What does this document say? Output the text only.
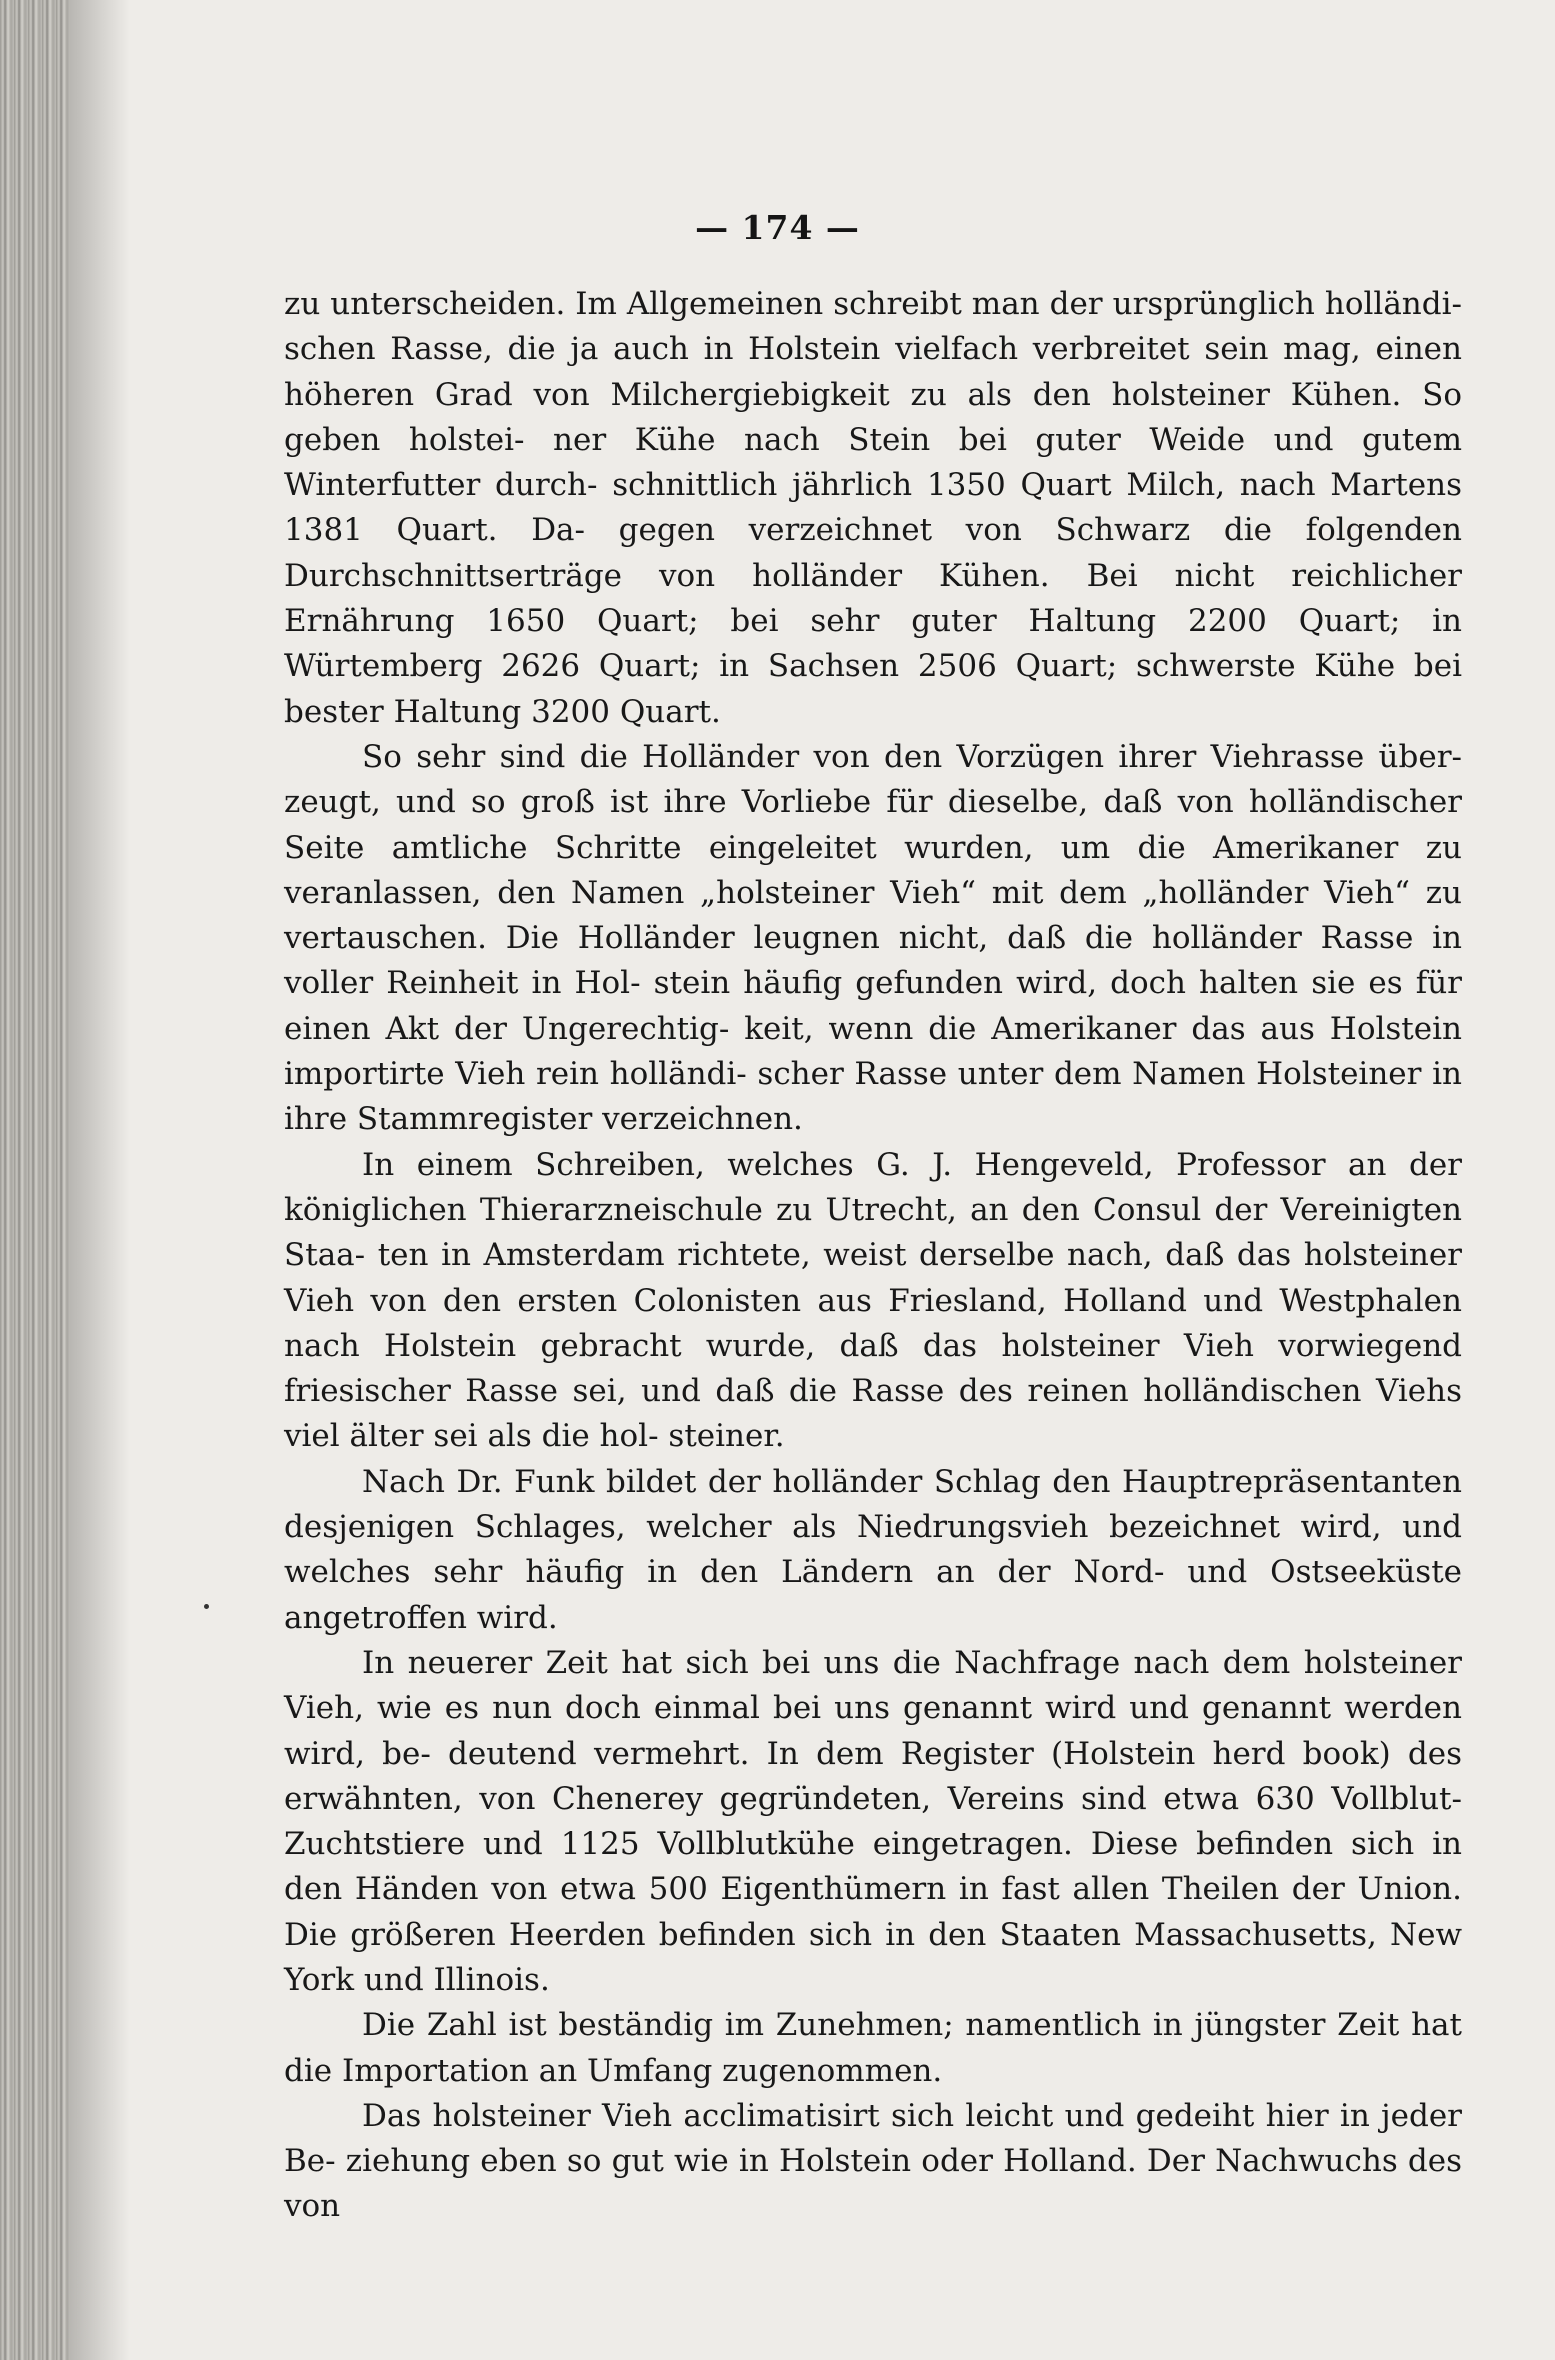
— 174 —

zu unterscheiden. Im Allgemeinen schreibt man der ursprünglich holländi- schen Rasse, die ja auch in Holstein vielfach verbreitet sein mag, einen höheren Grad von Milchergiebigkeit zu als den holsteiner Kühen. So geben holstei- ner Kühe nach Stein bei guter Weide und gutem Winterfutter durch- schnittlich jährlich 1350 Quart Milch, nach Martens 1381 Quart. Da- gegen verzeichnet von Schwarz die folgenden Durchschnittserträge von holländer Kühen. Bei nicht reichlicher Ernährung 1650 Quart; bei sehr guter Haltung 2200 Quart; in Würtemberg 2626 Quart; in Sachsen 2506 Quart; schwerste Kühe bei bester Haltung 3200 Quart.

So sehr sind die Holländer von den Vorzügen ihrer Viehrasse über- zeugt, und so groß ist ihre Vorliebe für dieselbe, daß von holländischer Seite amtliche Schritte eingeleitet wurden, um die Amerikaner zu veranlassen, den Namen „holsteiner Vieh“ mit dem „holländer Vieh“ zu vertauschen. Die Holländer leugnen nicht, daß die holländer Rasse in voller Reinheit in Hol- stein häufig gefunden wird, doch halten sie es für einen Akt der Ungerechtig- keit, wenn die Amerikaner das aus Holstein importirte Vieh rein holländi- scher Rasse unter dem Namen Holsteiner in ihre Stammregister verzeichnen.

In einem Schreiben, welches G. J. Hengeveld, Professor an der königlichen Thierarzneischule zu Utrecht, an den Consul der Vereinigten Staa- ten in Amsterdam richtete, weist derselbe nach, daß das holsteiner Vieh von den ersten Colonisten aus Friesland, Holland und Westphalen nach Holstein gebracht wurde, daß das holsteiner Vieh vorwiegend friesischer Rasse sei, und daß die Rasse des reinen holländischen Viehs viel älter sei als die hol- steiner.

Nach Dr. Funk bildet der holländer Schlag den Hauptrepräsentanten desjenigen Schlages, welcher als Niedrungsvieh bezeichnet wird, und welches sehr häufig in den Ländern an der Nord- und Ostseeküste angetroffen wird.

In neuerer Zeit hat sich bei uns die Nachfrage nach dem holsteiner Vieh, wie es nun doch einmal bei uns genannt wird und genannt werden wird, be- deutend vermehrt. In dem Register (Holstein herd book) des erwähnten, von Chenerey gegründeten, Vereins sind etwa 630 Vollblut-Zuchtstiere und 1125 Vollblutkühe eingetragen. Diese befinden sich in den Händen von etwa 500 Eigenthümern in fast allen Theilen der Union. Die größeren Heerden befinden sich in den Staaten Massachusetts, New York und Illinois.

Die Zahl ist beständig im Zunehmen; namentlich in jüngster Zeit hat die Importation an Umfang zugenommen.

Das holsteiner Vieh acclimatisirt sich leicht und gedeiht hier in jeder Be- ziehung eben so gut wie in Holstein oder Holland. Der Nachwuchs des von
